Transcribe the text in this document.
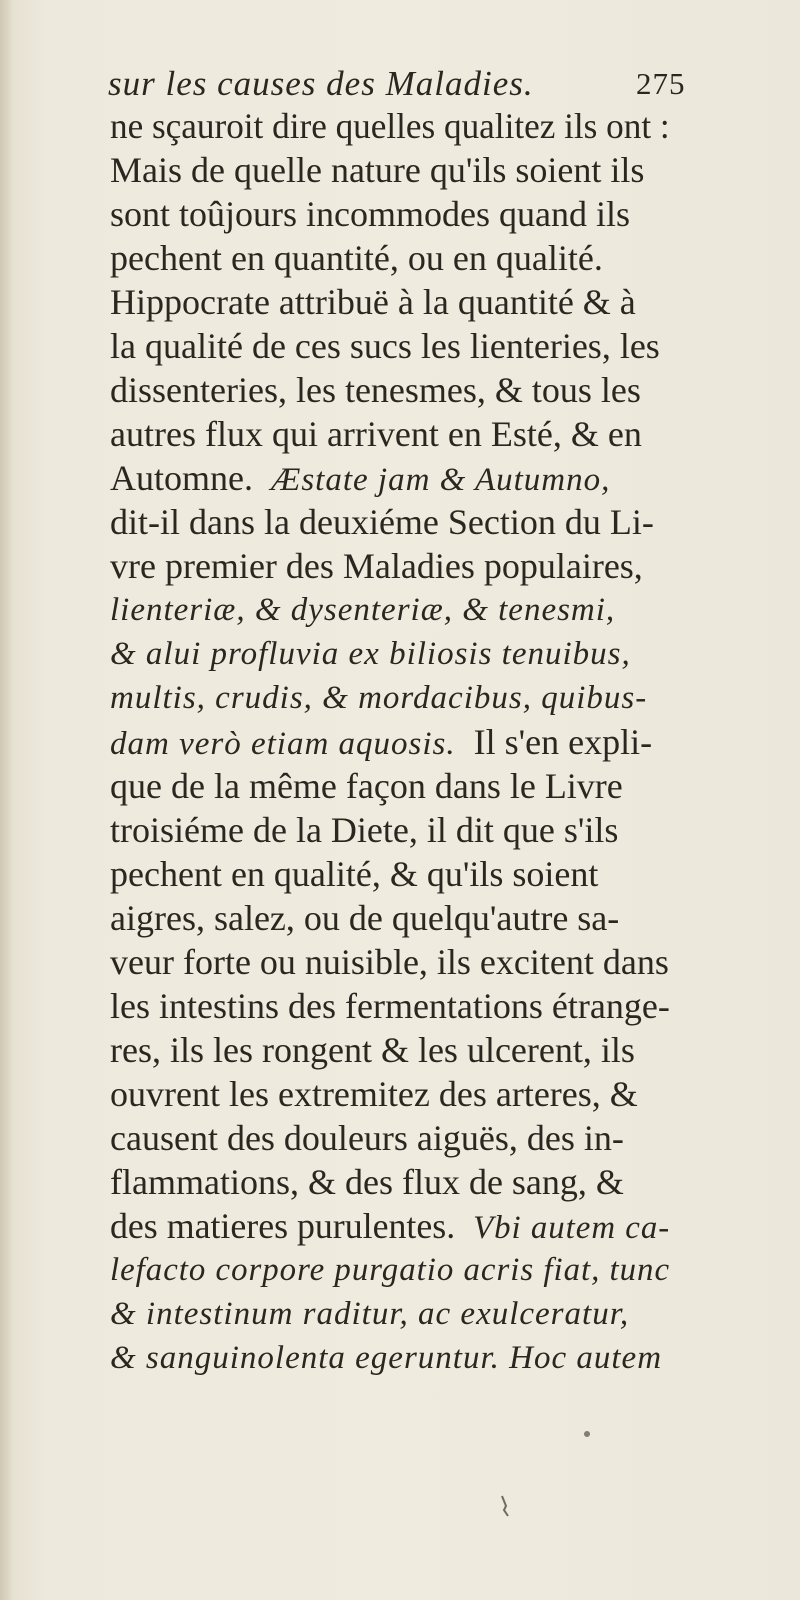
sur les causes des Maladies.	275
ne sçauroit dire quelles qualitez ils ont :
Mais de quelle nature qu'ils soient ils
sont toûjours incommodes quand ils
pechent en quantité, ou en qualité.
Hippocrate attribuë à la quantité & à
la qualité de ces sucs les lienteries, les
dissenteries, les tenesmes, & tous les
autres flux qui arrivent en Esté, & en
Automne. Æstate jam & Autumno,
dit-il dans la deuxiéme Section du Li-
vre premier des Maladies populaires,
lienteriæ, & dysenteriæ, & tenesmi,
& alui profluvia ex biliosis tenuibus,
multis, crudis, & mordacibus, quibus-
dam verò etiam aquosis. Il s'en expli-
que de la même façon dans le Livre
troisiéme de la Diete, il dit que s'ils
pechent en qualité, & qu'ils soient
aigres, salez, ou de quelqu'autre sa-
veur forte ou nuisible, ils excitent dans
les intestins des fermentations étrange-
res, ils les rongent & les ulcerent, ils
ouvrent les extremitez des arteres, &
causent des douleurs aiguës, des in-
flammations, & des flux de sang, &
des matieres purulentes. Vbi autem ca-
lefacto corpore purgatio acris fiat, tunc
& intestinum raditur, ac exulceratur,
& sanguinolenta egeruntur. Hoc autem
